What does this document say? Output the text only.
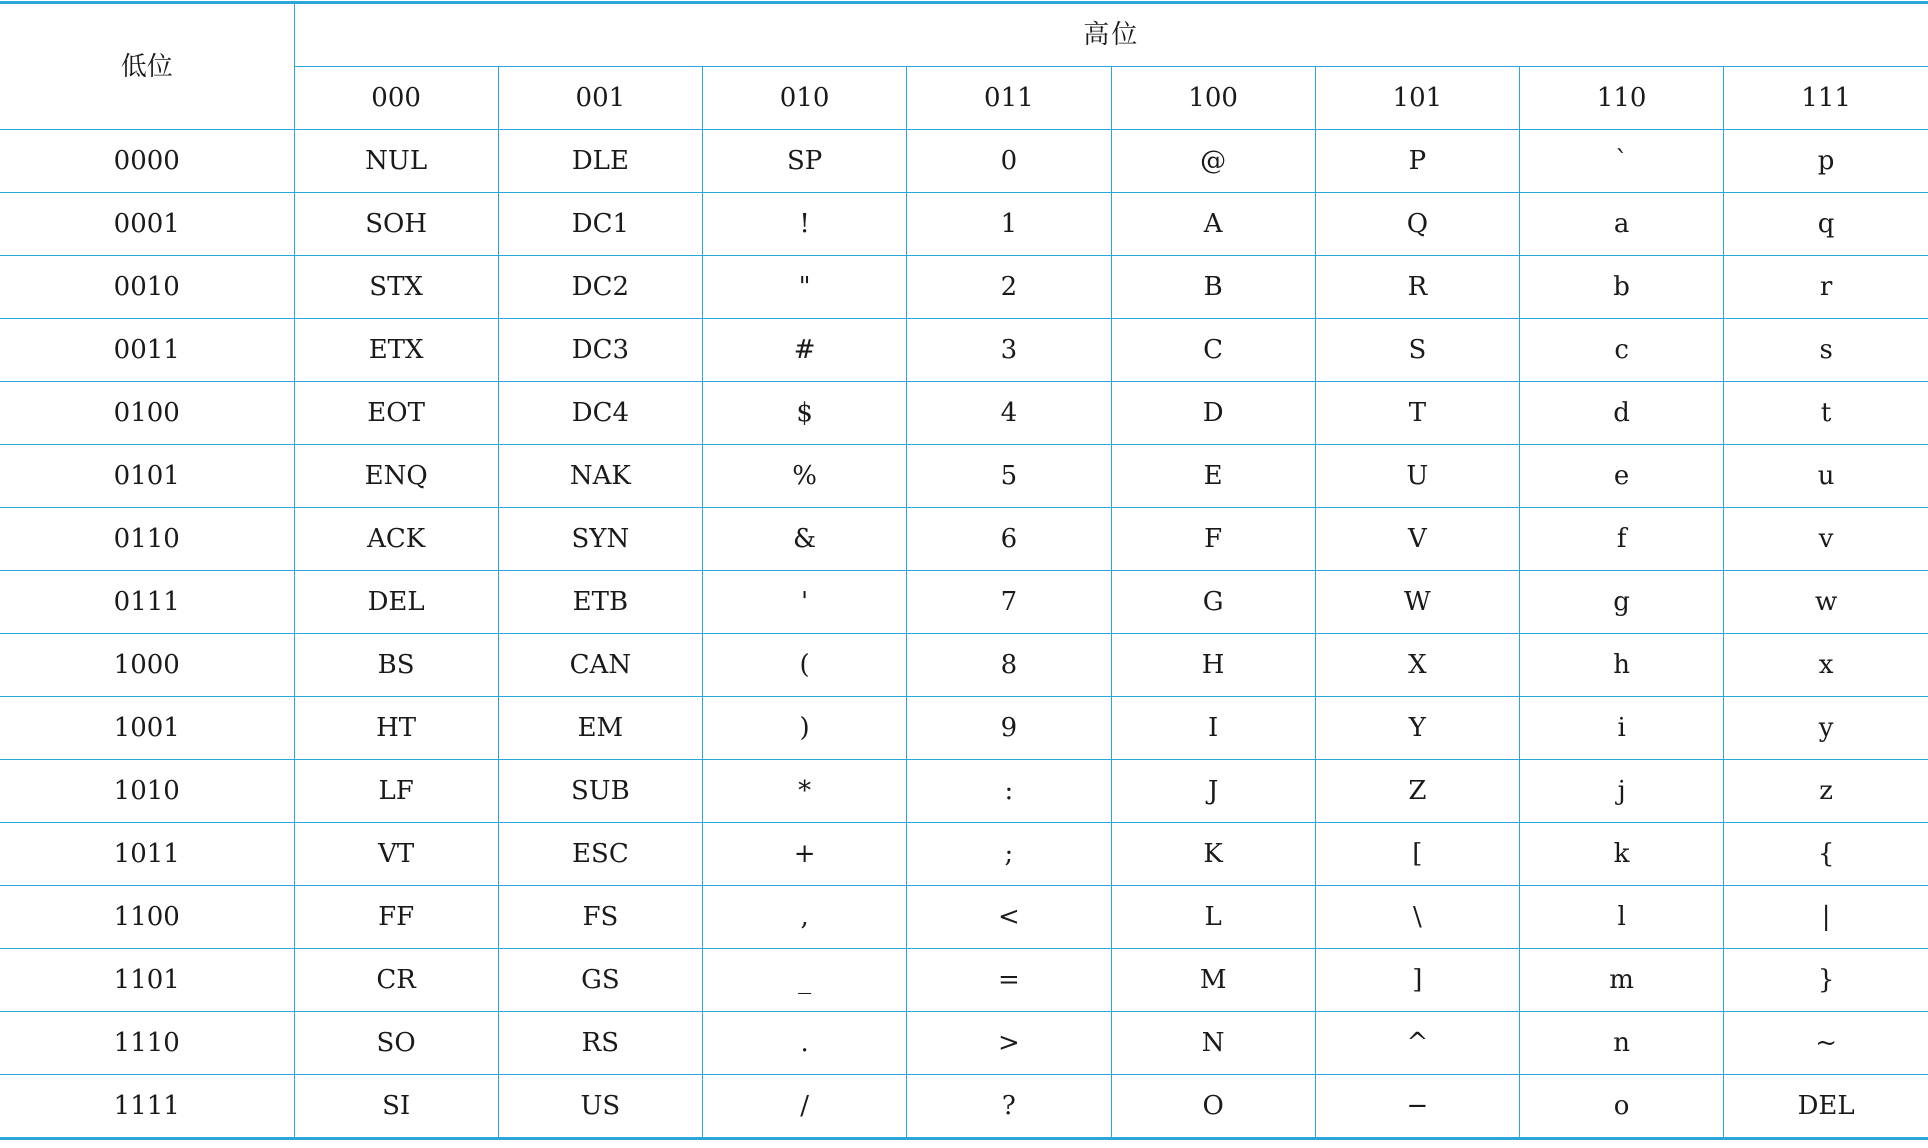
低位	高位							
	000	001	010	011	100	101	110	111
0000	NUL	DLE	SP	0	@	P	`	p
0001	SOH	DC1	!	1	A	Q	a	q
0010	STX	DC2	"	2	B	R	b	r
0011	ETX	DC3	#	3	C	S	c	s
0100	EOT	DC4	$	4	D	T	d	t
0101	ENQ	NAK	%	5	E	U	e	u
0110	ACK	SYN	&	6	F	V	f	v
0111	DEL	ETB	'	7	G	W	g	w
1000	BS	CAN	(	8	H	X	h	x
1001	HT	EM	)	9	I	Y	i	y
1010	LF	SUB	*	:	J	Z	j	z
1011	VT	ESC	+	;	K	[	k	{
1100	FF	FS	,	<	L	\	l	|
1101	CR	GS	_	=	M	]	m	}
1110	SO	RS	.	>	N	^	n	~
1111	SI	US	/	?	O	−	o	DEL
